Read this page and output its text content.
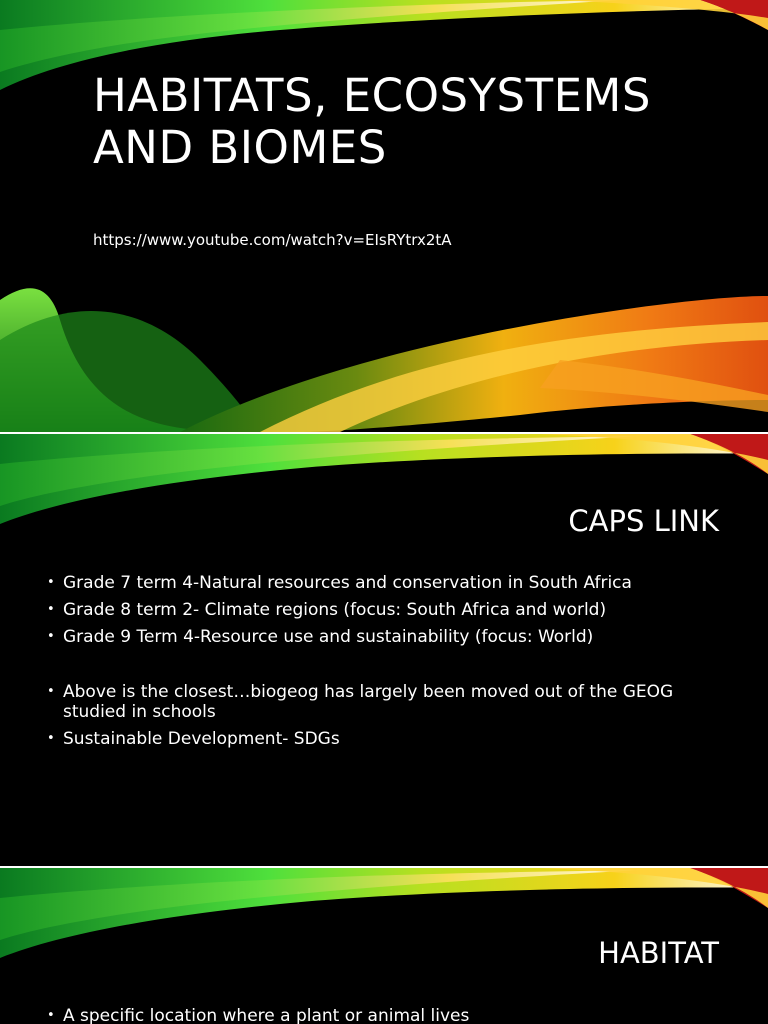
HABITATS, ECOSYSTEMS AND BIOMES
https://www.youtube.com/watch?v=EIsRYtrx2tA
CAPS LINK
• Grade 7 term 4-Natural resources and conservation in South Africa
• Grade 8 term 2- Climate regions (focus: South Africa and world)
• Grade 9 Term 4-Resource use and sustainability (focus: World)
• Above is the closest…biogeog has largely been moved out of the GEOG studied in schools
• Sustainable Development- SDGs
HABITAT
• A specific location where a plant or animal lives
